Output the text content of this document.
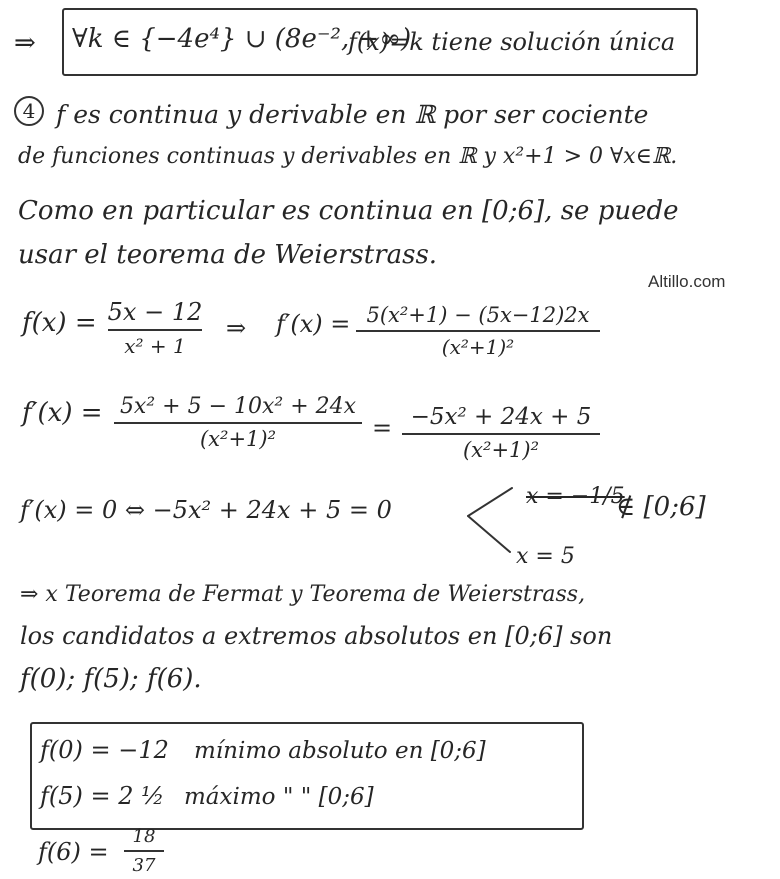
⇒ ∀k ∈ {−4e⁴} ∪ (8e⁻², +∞)
f(x)=k tiene solución única
4 f es continua y derivable en ℝ por ser cociente
de funciones continuas y derivables en ℝ y x²+1 > 0 ∀x∈ℝ.
Como en particular es continua en [0;6], se puede
usar el teorema de Weierstrass.
Altillo.com
f(x) = 5x − 12
x² + 1
⇒ f′(x) = 5(x²+1) − (5x−12)2x
(x²+1)²
f′(x) = 5x² + 5 − 10x² + 24x
(x²+1)²	= −5x² + 24x + 5
(x²+1)²
f′(x) = 0 ⇔ −5x² + 24x + 5 = 0	x = −1/5
∉ [0;6]
x = 5
⇒ x Teorema de Fermat y Teorema de Weierstrass,
los candidatos a extremos absolutos en [0;6] son
f(0); f(5); f(6).
f(0) = −12 mínimo absoluto en [0;6]
f(5) = 2 ½ máximo " " [0;6]
f(6) =
18
37
